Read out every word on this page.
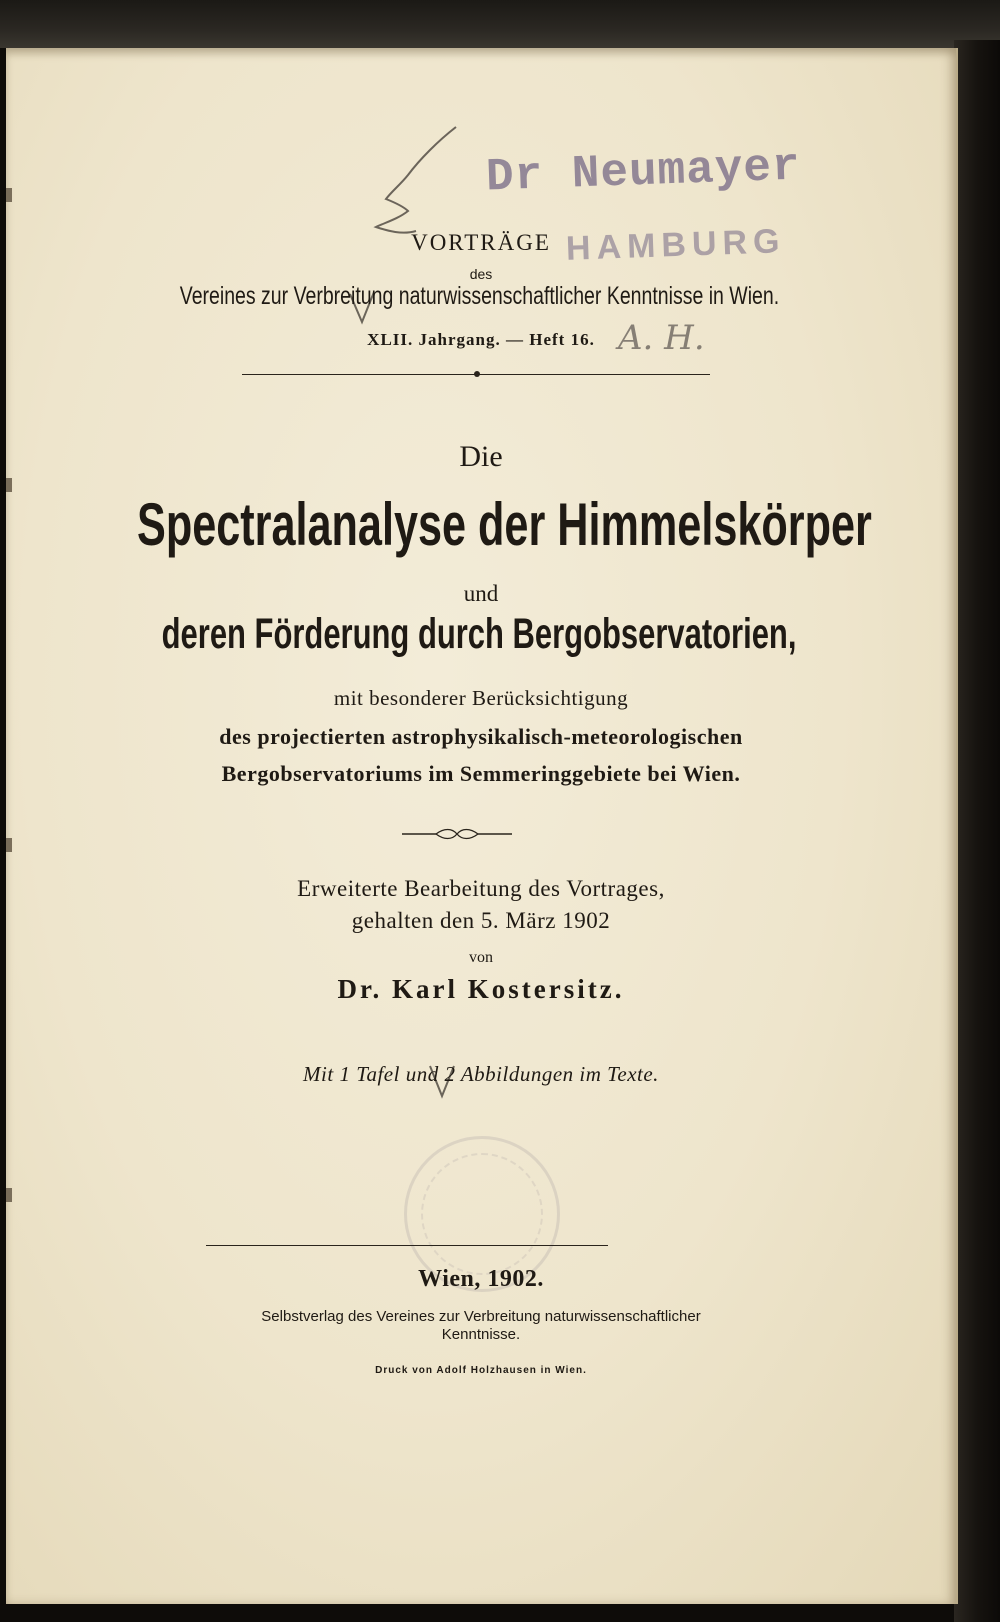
Dr Neumayer
HAMBURG
VORTRÄGE
des
Vereines zur Verbreitung naturwissenschaftlicher Kenntnisse in Wien.
XLII. Jahrgang. — Heft 16. A. H.
Die
Spectralanalyse der Himmelskörper
und
deren Förderung durch Bergobservatorien,
mit besonderer Berücksichtigung
des projectierten astrophysikalisch-meteorologischen
Bergobservatoriums im Semmeringgebiete bei Wien.
Erweiterte Bearbeitung des Vortrages,
gehalten den 5. März 1902
von
Dr. Karl Kostersitz.
Mit 1 Tafel und 2 Abbildungen im Texte.
Wien, 1902.
Selbstverlag des Vereines zur Verbreitung naturwissenschaftlicher
Kenntnisse.
Druck von Adolf Holzhausen in Wien.
